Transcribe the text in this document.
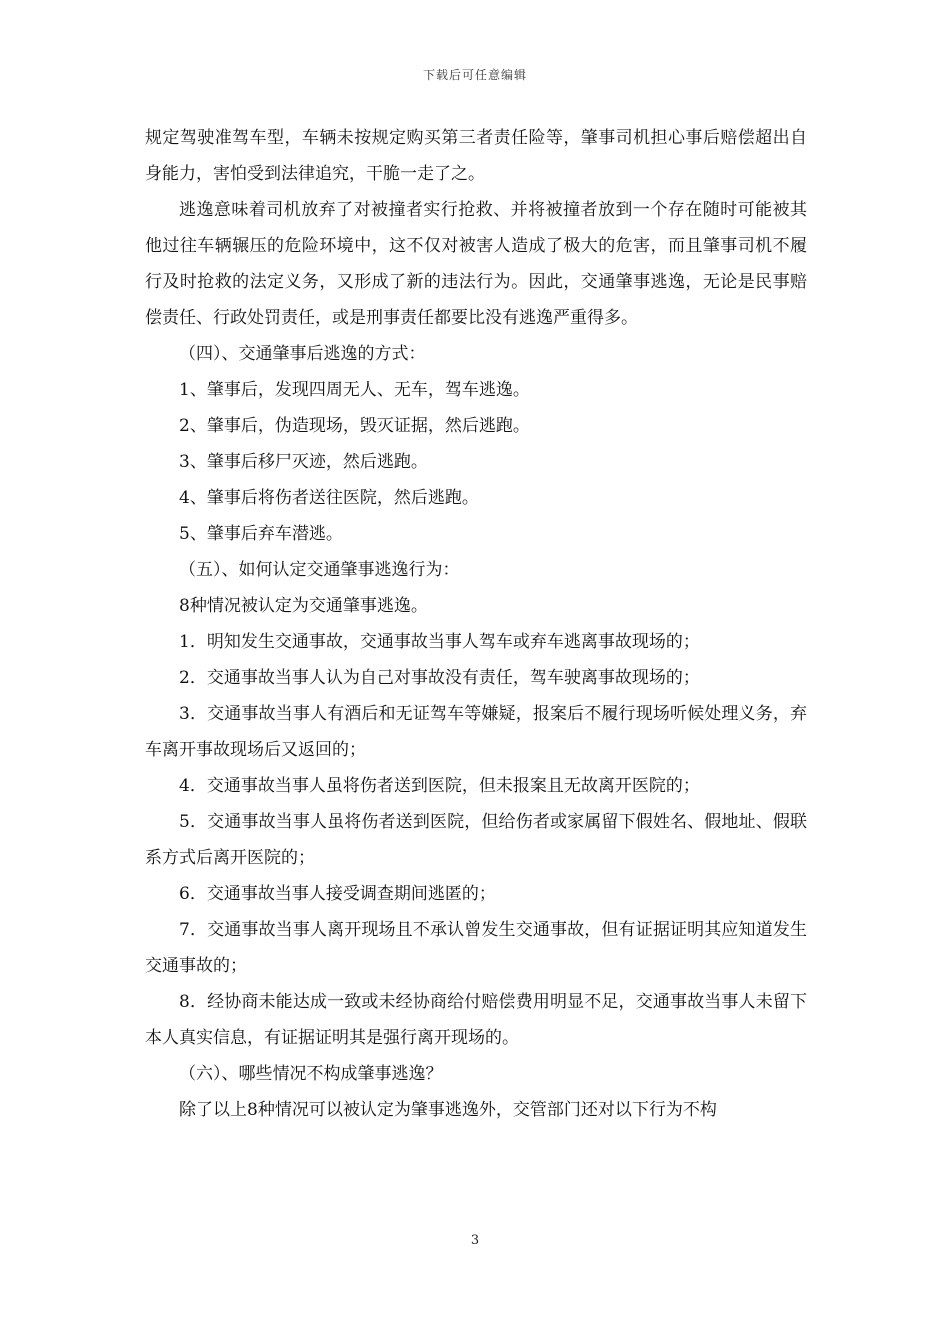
下载后可任意编辑

规定驾驶准驾车型，车辆未按规定购买第三者责任险等，肇事司机担心事后赔偿超出自身能力，害怕受到法律追究，干脆一走了之。

逃逸意味着司机放弃了对被撞者实行抢救、并将被撞者放到一个存在随时可能被其他过往车辆辗压的危险环境中，这不仅对被害人造成了极大的危害，而且肇事司机不履行及时抢救的法定义务，又形成了新的违法行为。因此，交通肇事逃逸，无论是民事赔偿责任、行政处罚责任，或是刑事责任都要比没有逃逸严重得多。

（四）、交通肇事后逃逸的方式：

1、肇事后，发现四周无人、无车，驾车逃逸。

2、肇事后，伪造现场，毁灭证据，然后逃跑。

3、肇事后移尸灭迹，然后逃跑。

4、肇事后将伤者送往医院，然后逃跑。

5、肇事后弃车潜逃。

（五）、如何认定交通肇事逃逸行为：

8种情况被认定为交通肇事逃逸。

1．明知发生交通事故，交通事故当事人驾车或弃车逃离事故现场的；

2．交通事故当事人认为自己对事故没有责任，驾车驶离事故现场的；

3．交通事故当事人有酒后和无证驾车等嫌疑，报案后不履行现场听候处理义务，弃车离开事故现场后又返回的；

4．交通事故当事人虽将伤者送到医院，但未报案且无故离开医院的；

5．交通事故当事人虽将伤者送到医院，但给伤者或家属留下假姓名、假地址、假联系方式后离开医院的；

6．交通事故当事人接受调查期间逃匿的；

7．交通事故当事人离开现场且不承认曾发生交通事故，但有证据证明其应知道发生交通事故的；

8．经协商未能达成一致或未经协商给付赔偿费用明显不足，交通事故当事人未留下本人真实信息，有证据证明其是强行离开现场的。

（六）、哪些情况不构成肇事逃逸？

除了以上8种情况可以被认定为肇事逃逸外，交管部门还对以下行为不构

3
